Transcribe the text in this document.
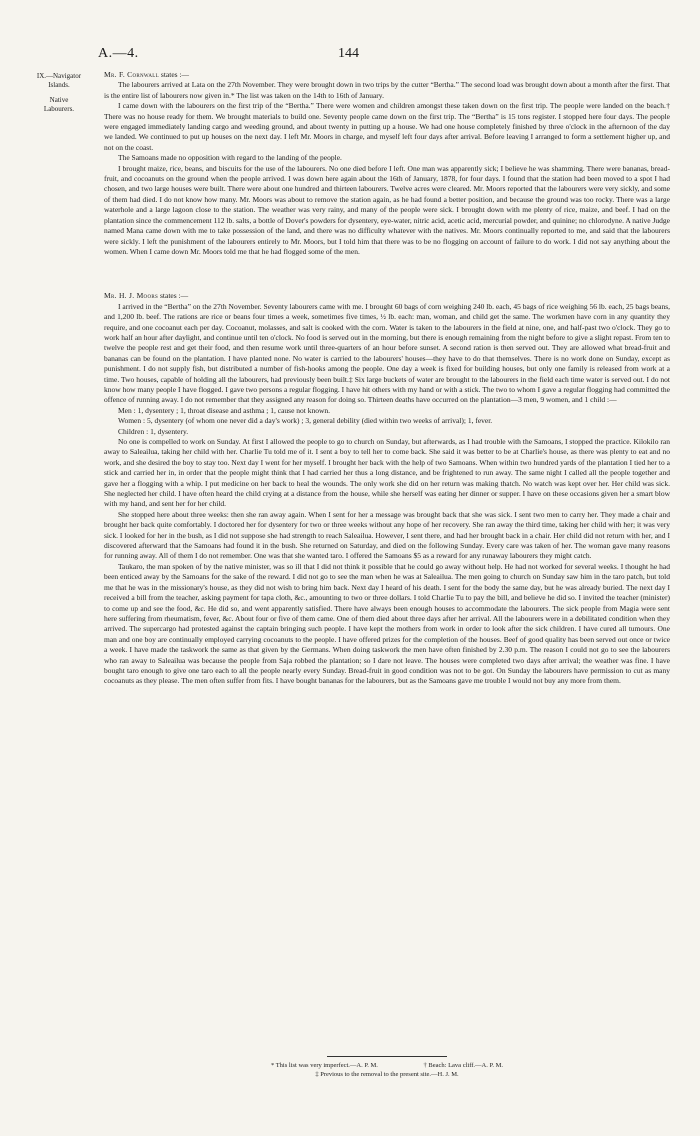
A.—4.	144
IX.—Navigator
Islands.
Native
Labourers.

Mr. F. Cornwall states :—

The labourers arrived at Lata on the 27th November. They were brought down in two trips by the cutter “Bertha.” The second load was brought down about a month after the first. That is the entire list of labourers now given in.* The list was taken on the 14th to 16th of January.

I came down with the labourers on the first trip of the “Bertha.” There were women and children amongst these taken down on the first trip. The people were landed on the beach.† There was no house ready for them. We brought materials to build one. Seventy people came down on the first trip. The “Bertha” is 15 tons register. I stopped here four days. The people were engaged immediately landing cargo and weeding ground, and about twenty in putting up a house. We had one house completely finished by three o'clock in the afternoon of the day we landed. We continued to put up houses on the next day. I left Mr. Moors in charge, and myself left four days after arrival. Before leaving I arranged to form a settlement higher up, and not on the coast.

The Samoans made no opposition with regard to the landing of the people.

I brought maize, rice, beans, and biscuits for the use of the labourers. No one died before I left. One man was apparently sick; I believe he was shamming. There were bananas, bread-fruit, and cocoanuts on the ground when the people arrived. I was down here again about the 16th of January, 1878, for four days. I found that the station had been moved to a spot I had chosen, and two large houses were built. There were about one hundred and thirteen labourers. Twelve acres were cleared. Mr. Moors reported that the labourers were very sickly, and some of them had died. I do not know how many. Mr. Moors was about to remove the station again, as he had found a better position, and because the ground was too rocky. There was a large waterhole and a large lagoon close to the station. The weather was very rainy, and many of the people were sick. I brought down with me plenty of rice, maize, and beef. I had on the plantation since the commencement 112 lb. salts, a bottle of Dover's powders for dysentery, eye-water, nitric acid, acetic acid, mercurial powder, and quinine; no chlorodyne. A native Judge named Mana came down with me to take possession of the land, and there was no difficulty whatever with the natives. Mr. Moors continually reported to me, and said that the labourers were sickly. I left the punishment of the labourers entirely to Mr. Moors, but I told him that there was to be no flogging on account of failure to do work. I did not say anything about the women. When I came down Mr. Moors told me that he had flogged some of the men.

Mr. H. J. Moors states :—

I arrived in the “Bertha” on the 27th November. Seventy labourers came with me. I brought 60 bags of corn weighing 240 lb. each, 45 bags of rice weighing 56 lb. each, 25 bags beans, and 1,200 lb. beef. The rations are rice or beans four times a week, sometimes five times, ½ lb. each: man, woman, and child get the same. The workmen have corn in any quantity they require, and one cocoanut each per day. Cocoanut, molasses, and salt is cooked with the corn. Water is taken to the labourers in the field at nine, one, and half-past two o'clock. They go to work half an hour after daylight, and continue until ten o'clock. No food is served out in the morning, but there is enough remaining from the night before to give a slight repast. From ten to twelve the people rest and get their food, and then resume work until three-quarters of an hour before sunset. A second ration is then served out. They are allowed what bread-fruit and bananas can be found on the plantation. I have planted none. No water is carried to the labourers' houses—they have to do that themselves. There is no work done on Sunday, except as punishment. I do not supply fish, but distributed a number of fish-hooks among the people. One day a week is fixed for building houses, but only one family is released from work at a time. Two houses, capable of holding all the labourers, had previously been built.‡ Six large buckets of water are brought to the labourers in the field each time water is served out. I do not know how many people I have flogged. I gave two persons a regular flogging. I have hit others with my hand or with a stick. The two to whom I gave a regular flogging had committed the offence of running away. I do not remember that they assigned any reason for doing so. Thirteen deaths have occurred on the plantation—3 men, 9 women, and 1 child :—

Men : 1, dysentery ; 1, throat disease and asthma ; 1, cause not known.

Women : 5, dysentery (of whom one never did a day's work) ; 3, general debility (died within two weeks of arrival); 1, fever.

Children : 1, dysentery.

No one is compelled to work on Sunday. At first I allowed the people to go to church on Sunday, but afterwards, as I had trouble with the Samoans, I stopped the practice. Kilokilo ran away to Saleailua, taking her child with her. Charlie Tu told me of it. I sent a boy to tell her to come back. She said it was better to be at Charlie's house, as there was plenty to eat and no work, and she desired the boy to stay too. Next day I went for her myself. I brought her back with the help of two Samoans. When within two hundred yards of the plantation I tied her to a stick and carried her in, in order that the people might think that I had carried her thus a long distance, and be frightened to run away. The same night I called all the people together and gave her a flogging with a whip. I put medicine on her back to heal the wounds. The only work she did on her return was making thatch. No watch was kept over her. Her child was sick. She neglected her child. I have often heard the child crying at a distance from the house, while she herself was eating her dinner or supper. I have on these occasions given her a smart blow with my hand, and sent her for her child.

She stopped here about three weeks: then she ran away again. When I sent for her a message was brought back that she was sick. I sent two men to carry her. They made a chair and brought her back quite comfortably. I doctored her for dysentery for two or three weeks without any hope of her recovery. She ran away the third time, taking her child with her; it was very sick. I looked for her in the bush, as I did not suppose she had strength to reach Saleailua. However, I sent there, and had her brought back in a chair. Her child did not return with her, and I discovered afterward that the Samoans had found it in the bush. She returned on Saturday, and died on the following Sunday. Every care was taken of her. The woman gave many reasons for running away. All of them I do not remember. One was that she wanted taro. I offered the Samoans $5 as a reward for any runaway labourers they might catch.

Taukaro, the man spoken of by the native minister, was so ill that I did not think it possible that he could go away without help. He had not worked for several weeks. I thought he had been enticed away by the Samoans for the sake of the reward. I did not go to see the man when he was at Saleailua. The men going to church on Sunday saw him in the taro patch, but told me that he was in the missionary's house, as they did not wish to bring him back. Next day I heard of his death. I sent for the body the same day, but he was already buried. The next day I received a bill from the teacher, asking payment for tapa cloth, &c., amounting to two or three dollars. I told Charlie Tu to pay the bill, and believe he did so. I invited the teacher (minister) to come up and see the food, &c. He did so, and went apparently satisfied. There have always been enough houses to accommodate the labourers. The sick people from Magia were sent here suffering from rheumatism, fever, &c. About four or five of them came. One of them died about three days after her arrival. All the labourers were in a debilitated condition when they arrived. The supercargo had protested against the captain bringing such people. I have kept the mothers from work in order to look after the sick children. I have cured all tumours. One man and one boy are continually employed carrying cocoanuts to the people. I have offered prizes for the completion of the houses. Beef of good quality has been served out once or twice a week. I have made the taskwork the same as that given by the Germans. When doing taskwork the men have often finished by 2.30 p.m. The reason I could not go to see the labourers who ran away to Saleailua was because the people from Saja robbed the plantation; so I dare not leave. The houses were completed two days after arrival; the weather was fine. I have bought taro enough to give one taro each to all the people nearly every Sunday. Bread-fruit in good condition was not to be got. On Sunday the labourers have permission to cut as many cocoanuts as they please. The men often suffer from fits. I have bought bananas for the labourers, but as the Samoans gave me trouble I would not buy any more from them.

* This list was very imperfect.—A. P. M.	† Beach: Lava cliff.—A. P. M.
‡ Previous to the removal to the present site.—H. J. M.
